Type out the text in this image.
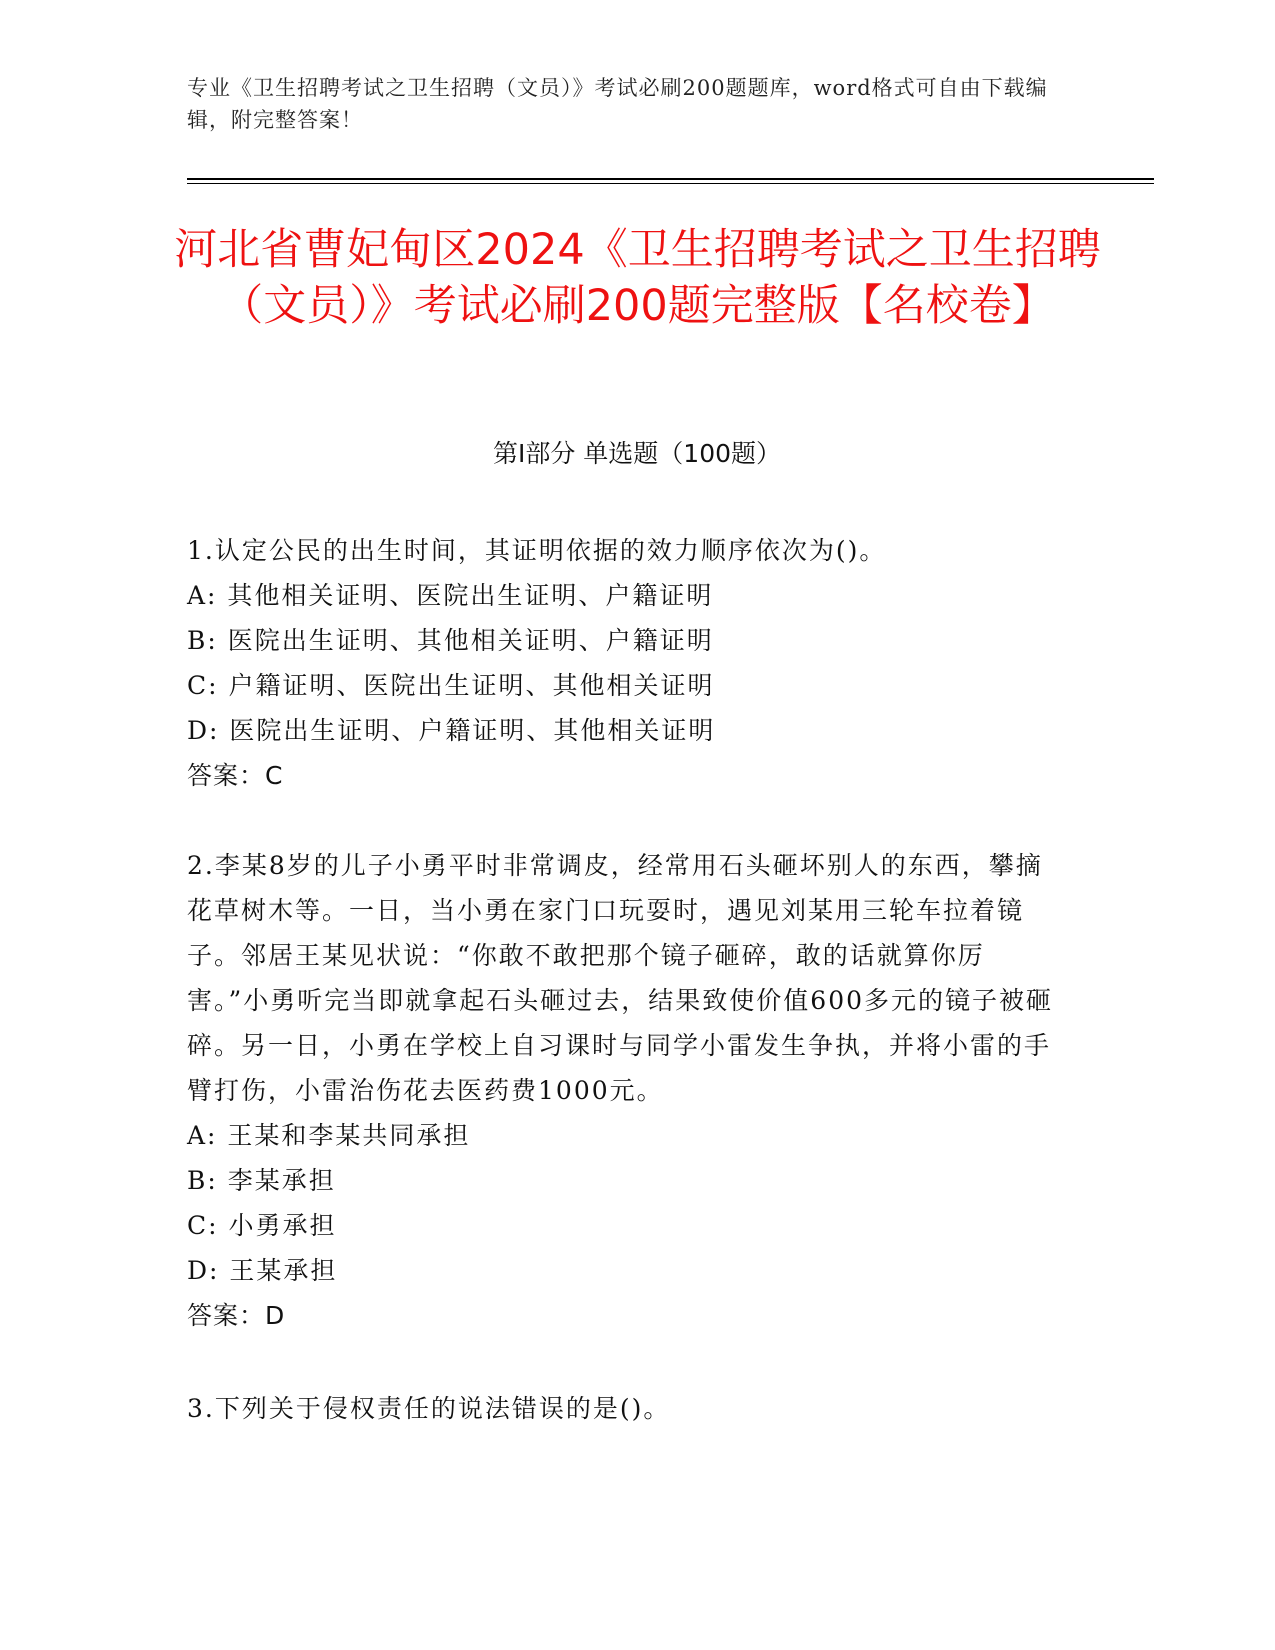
专业《卫生招聘考试之卫生招聘（文员）》考试必刷200题题库，word格式可自由下载编辑，附完整答案！
河北省曹妃甸区2024《卫生招聘考试之卫生招聘（文员）》考试必刷200题完整版【名校卷】
第Ⅰ部分 单选题（100题）
1.认定公民的出生时间，其证明依据的效力顺序依次为()。
A: 其他相关证明、医院出生证明、户籍证明
B: 医院出生证明、其他相关证明、户籍证明
C: 户籍证明、医院出生证明、其他相关证明
D: 医院出生证明、户籍证明、其他相关证明
答案：C
2.李某8岁的儿子小勇平时非常调皮，经常用石头砸坏别人的东西，攀摘花草树木等。一日，当小勇在家门口玩耍时，遇见刘某用三轮车拉着镜子。邻居王某见状说：“你敢不敢把那个镜子砸碎，敢的话就算你厉害。”小勇听完当即就拿起石头砸过去，结果致使价值600多元的镜子被砸碎。另一日，小勇在学校上自习课时与同学小雷发生争执，并将小雷的手臂打伤，小雷治伤花去医药费1000元。
A: 王某和李某共同承担
B: 李某承担
C: 小勇承担
D: 王某承担
答案：D
3.下列关于侵权责任的说法错误的是()。
